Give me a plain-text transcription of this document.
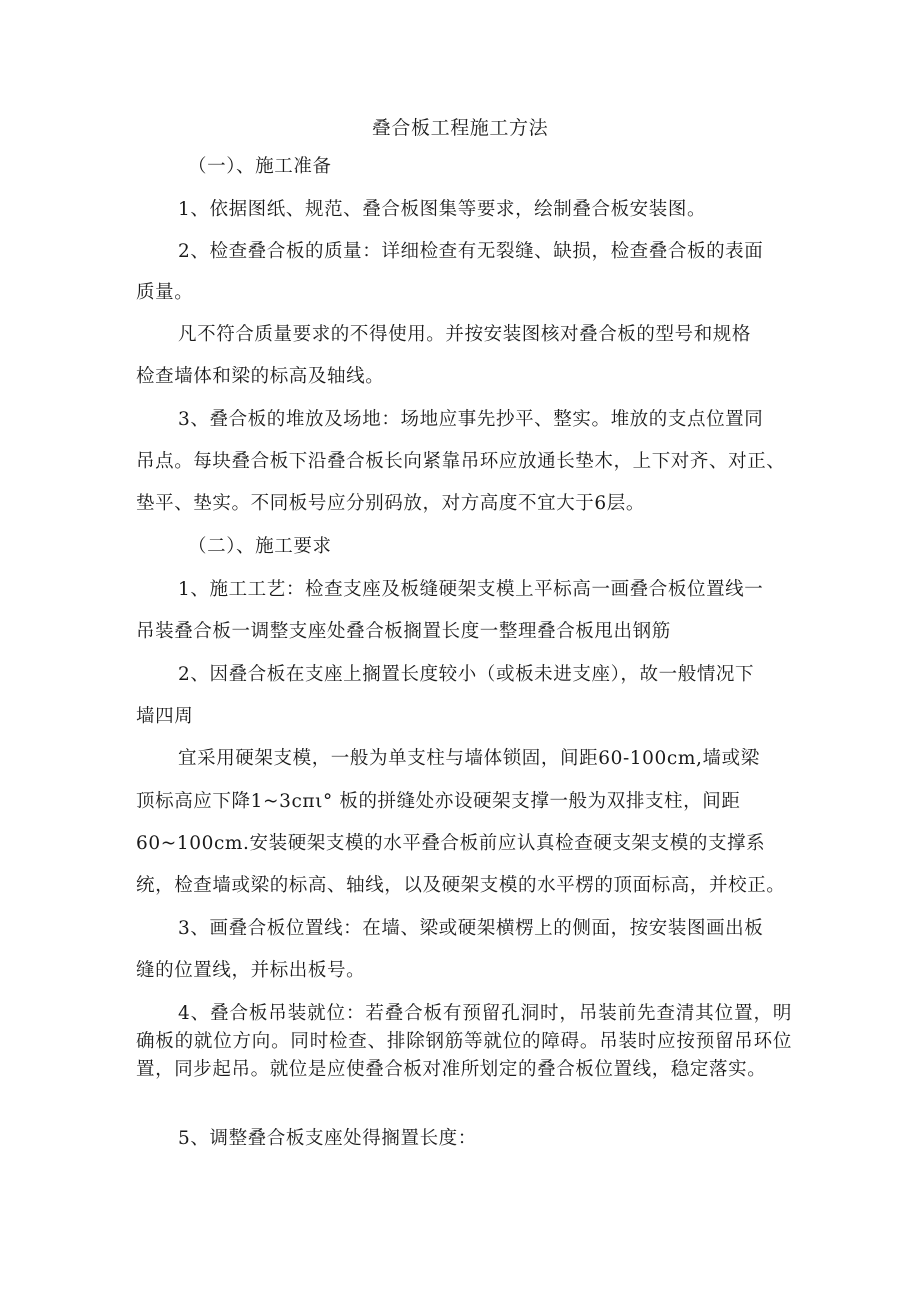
叠合板工程施工方法

（一）、施工准备

1、依据图纸、规范、叠合板图集等要求，绘制叠合板安装图。

2、检查叠合板的质量：详细检查有无裂缝、缺损，检查叠合板的表面

质量。

凡不符合质量要求的不得使用。并按安装图核对叠合板的型号和规格

检查墙体和梁的标高及轴线。

3、叠合板的堆放及场地：场地应事先抄平、整实。堆放的支点位置同

吊点。每块叠合板下沿叠合板长向紧靠吊环应放通长垫木，上下对齐、对正、

垫平、垫实。不同板号应分别码放，对方高度不宜大于6层。

（二）、施工要求

1、施工工艺：检查支座及板缝硬架支模上平标高一画叠合板位置线一

吊装叠合板一调整支座处叠合板搁置长度一整理叠合板甩出钢筋

2、因叠合板在支座上搁置长度较小（或板未进支座），故一般情况下

墙四周

宜采用硬架支模，一般为单支柱与墙体锁固，间距60-100cm,墙或梁

顶标高应下降1~3cπι° 板的拼缝处亦设硬架支撑一般为双排支柱，间距

60~100cm.安装硬架支模的水平叠合板前应认真检查硬支架支模的支撑系

统，检查墙或梁的标高、轴线，以及硬架支模的水平楞的顶面标高，并校正。

3、画叠合板位置线：在墙、梁或硬架横楞上的侧面，按安装图画出板

缝的位置线，并标出板号。

4、叠合板吊装就位：若叠合板有预留孔洞时，吊装前先查清其位置，明确板的就位方向。同时检查、排除钢筋等就位的障碍。吊装时应按预留吊环位置，同步起吊。就位是应使叠合板对准所划定的叠合板位置线，稳定落实。

5、调整叠合板支座处得搁置长度：
